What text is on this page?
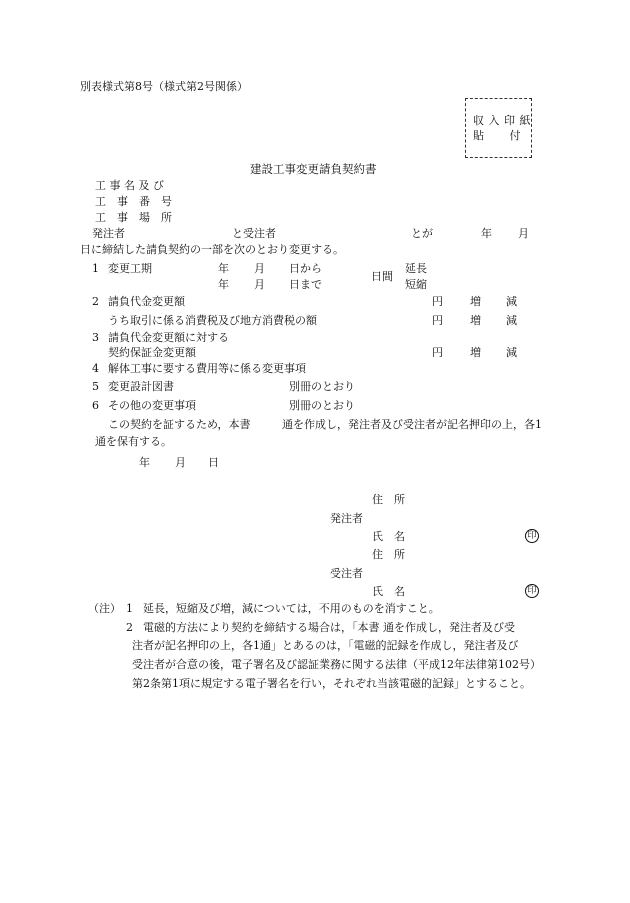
別表様式第8号（様式第2号関係）
収 入 印 紙
貼　　 付
建設工事変更請負契約書
工 事 名 及 び
工　事　番　号
工　事　場　所
発注者	と受注者	とが	年 月
日に締結した請負契約の一部を次のとおり変更する。
1 変更工期	年 月 日から
年 月 日まで
日間
延長
短縮
2 請負代金変更額	円 増 減
うち取引に係る消費税及び地方消費税の額	円 増 減
3 請負代金変更額に対する
契約保証金変更額	円 増 減
4 解体工事に要する費用等に係る変更事項
5 変更設計図書	別冊のとおり
6 その他の変更事項	別冊のとおり
この契約を証するため，本書	通を作成し，発注者及び受注者が記名押印の上，各1
通を保有する。
年 月 日
住　所
発注者
氏　名	印
住　所
受注者
氏　名	印
（注） 1 延長，短縮及び増，減については，不用のものを消すこと。
2 電磁的方法により契約を締結する場合は，「本書 通を作成し，発注者及び受
注者が記名押印の上，各1通」とあるのは，「電磁的記録を作成し，発注者及び
受注者が合意の後，電子署名及び認証業務に関する法律（平成12年法律第102号）
第2条第1項に規定する電子署名を行い，それぞれ当該電磁的記録」とすること。
